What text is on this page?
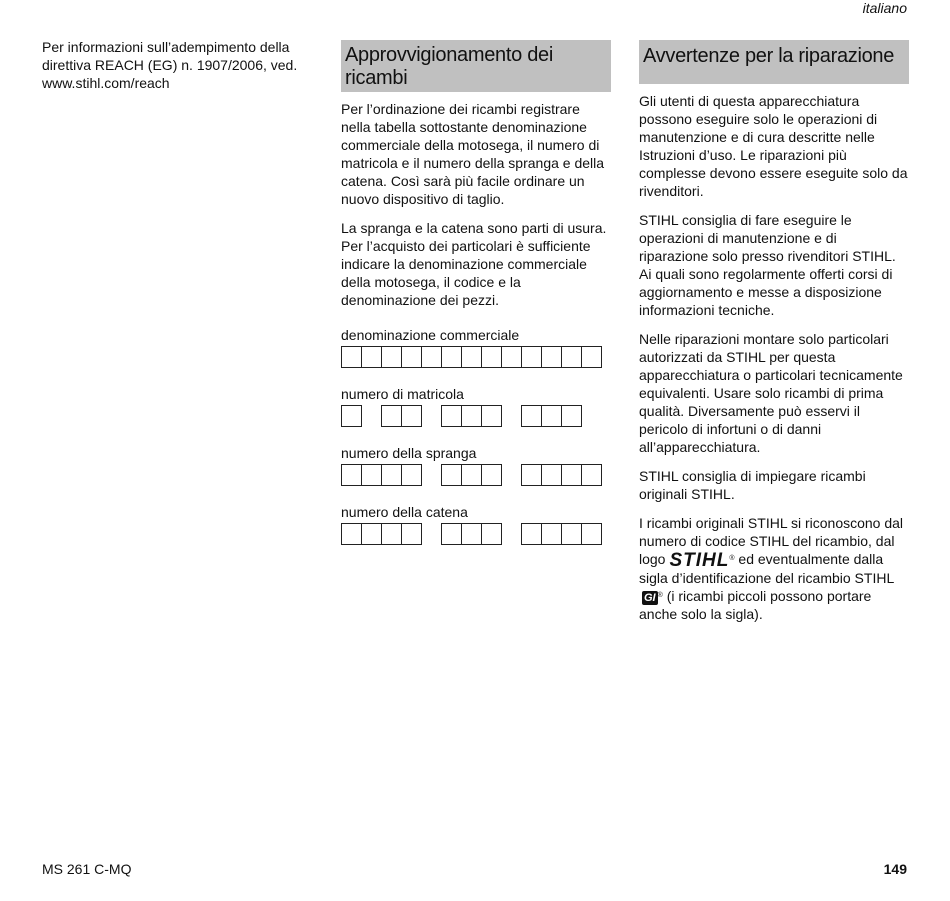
italiano

Per informazioni sull’adempimento della direttiva REACH (EG) n. 1907/2006, ved. www.stihl.com/reach

Approvvigionamento dei ricambi

Per l’ordinazione dei ricambi registrare nella tabella sottostante denominazione commerciale della motosega, il numero di matricola e il numero della spranga e della catena. Così sarà più facile ordinare un nuovo dispositivo di taglio.

La spranga e la catena sono parti di usura. Per l’acquisto dei particolari è sufficiente indicare la denominazione commerciale della motosega, il codice e la denominazione dei pezzi.

denominazione commerciale
numero di matricola
numero della spranga
numero della catena
Avvertenze per la riparazione

Gli utenti di questa apparecchiatura possono eseguire solo le operazioni di manutenzione e di cura descritte nelle Istruzioni d’uso. Le riparazioni più complesse devono essere eseguite solo da rivenditori.

STIHL consiglia di fare eseguire le operazioni di manutenzione e di riparazione solo presso rivenditori STIHL. Ai quali sono regolarmente offerti corsi di aggiornamento e messe a disposizione informazioni tecniche.

Nelle riparazioni montare solo particolari autorizzati da STIHL per questa apparecchiatura o particolari tecnicamente equivalenti. Usare solo ricambi di prima qualità. Diversamente può esservi il pericolo di infortuni o di danni all’apparecchiatura.

STIHL consiglia di impiegare ricambi originali STIHL.

I ricambi originali STIHL si riconoscono dal numero di codice STIHL del ricambio, dal logo STIHL® ed eventualmente dalla sigla d’identificazione del ricambio STIHLGI ® (i ricambi piccoli possono portare anche solo la sigla).

MS 261 C-MQ	149
